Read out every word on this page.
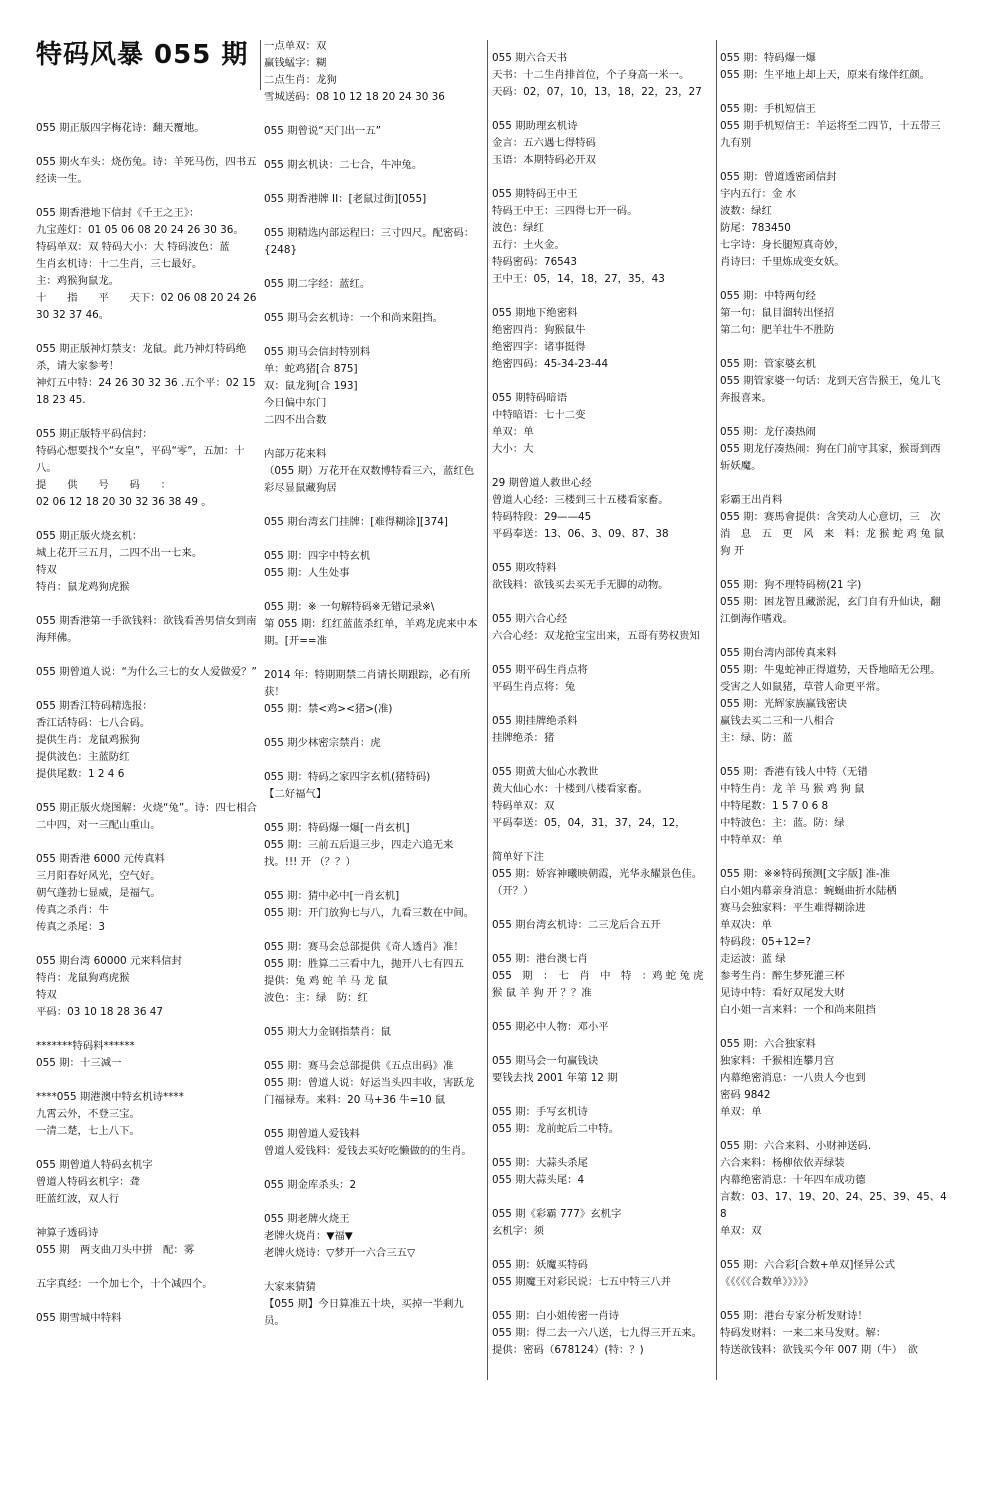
特码风暴 055 期
055 期正版四字梅花诗：翻天覆地。
055 期火车头：烧伤兔。诗：羊死马伤，四书五经读一生。
055 期香港地下信封《千王之王》：
九宝莲灯：01 05 06 08 20 24 26 30 36。
特码单双：双 特码大小：大 特码波色：蓝
生肖玄机诗：十二生肖，三七最好。
主：鸡猴狗鼠龙。
十　　指　　平　　天下：02 06 08 20 24 26 30 32 37 46。
055 期正版神灯禁支：龙鼠。此乃神灯特码绝杀，请大家参考！
神灯五中特：24 26 30 32 36 .五个平：02 15 18 23 45.
055 期正版特平码信封：
特码心想要找个“女皇”，平码“零”，五加：十八。
提　　供　　号　　码　　：
02 06 12 18 20 30 32 36 38 49 。
055 期正版火烧玄机：
城上花开三五月，二四不出一七来。
特双
特肖：鼠龙鸡狗虎猴
055 期香港第一手欲钱料：欲钱看善男信女到南海拜佛。
055 期曾道人说：“为什么三七的女人爱做爱？”
055 期香江特码精选报：
香江话特码：七八合码。
提供生肖：龙鼠鸡猴狗
提供波色：主蓝防红
提供尾数：1 2 4 6
055 期正版火烧图解：火烧“兔”。诗：四七相合二中四，对一三配山重山。
055 期香港 6000 元传真料
三月阳春好风光，空气好。
朝气蓬勃七显威，是福气。
传真之杀肖：牛
传真之杀尾：3
055 期台湾 60000 元来料信封
特肖：龙鼠狗鸡虎猴
特双
平码：03 10 18 28 36 47
*******特码料******
055 期：十三减一
****055 期港澳中特玄机诗****
九霄云外，不登三宝。
一清二楚，七上八下。
055 期曾道人特码玄机字
曾道人特码玄机字：聋
旺蓝红波，双人行
神算子透码诗
055 期　两支曲刀头中拼　配：雾
五字真经：一个加七个，十个减四个。
055 期雪城中特料
一点单双：双
赢钱蜢字：糊
二点生肖：龙狗
雪城送码：08 10 12 18 20 24 30 36
055 期曾说“天门出一五”
055 期玄机诀：二七合，牛冲兔。
055 期香港牌 II：[老鼠过街][055]
055 期精选内部运程曰：三寸四尺。配密码：{248}
055 期二字经：蓝红。
055 期马会玄机诗：一个和尚来阻挡。
055 期马会信封特别料
单：蛇鸡猪[合 875]
双：鼠龙狗[合 193]
今日偏中东门
二四不出合数
内部万花来料
（055 期）万花开在双数博特看三六，蓝红色彩尽显鼠藏狗居
055 期台湾玄门挂牌：[难得糊涂][374]
055 期：四字中特玄机
055 期：人生处事
055 期：※ 一句解特码※无错记录※\
第 055 期：红红蓝蓝杀红单，羊鸡龙虎来中本期。[开==准
2014 年：特期期禁二肖请长期跟踪，必有所获！
055 期：禁<鸡><猪>(准)
055 期少林密宗禁肖：虎
055 期：特码之家四字玄机(猪特码)
【二好福气】
055 期：特码爆一爆[一肖玄机]
055 期：三前五后退三步，四走六追无来找。!!! 开 （？？）
055 期：猜中必中[一肖玄机]
055 期：开门放狗七与八，九看三数在中间。
055 期：赛马会总部提供《奇人透肖》准！
055 期：胜算二三看中九，抛开八七有四五
提供：兔 鸡 蛇 羊 马 龙 鼠
波色：主：绿　防：红
055 期大力金钢指禁肖：鼠
055 期：赛马会总部提供《五点出码》准
055 期：曾道人说：好运当头四丰收，害跃龙门福禄寿。来料：20 马+36 牛=10 鼠
055 期曾道人爱钱料
曾道人爱钱料：爱钱去买好吃懒做的的生肖。
055 期金库杀头：2
055 期老牌火烧王
老牌火烧肖：▼福▼
老牌火烧诗：▽梦开一六合三五▽
大家来猜猜
【055 期】今日算准五十块，买掉一半剩九员。
055 期六合天书
天书：十二生肖排首位，个子身高一米一。
天码：02，07，10，13，18，22，23，27
055 期助理玄机诗
金言：五六遇七得特码
玉语：本期特码必开双
055 期特码王中王
特码王中王：三四得七开一码。
波色：绿红
五行：土火金。
特码密码：76543
王中王：05，14，18，27，35，43
055 期地下绝密料
绝密四肖：狗猴鼠牛
绝密四字：诸事挺得
绝密四码：45-34-23-44
055 期特码暗语
中特暗语：七十二变
单双：单
大小：大
29 期曾道人救世心经
曾道人心经：三楼到三十五楼看家畜。
特码特段：29——45
平码奉送：13、06、3、09、87、38
055 期攻特料
欲钱料：欲钱买去买无手无脚的动物。
055 期六合心经
六合心经：双龙抢宝宝出来，五哥有势权贵知
055 期平码生肖点将
平码生肖点将：兔
055 期挂牌绝杀料
挂牌绝杀：猪
055 期黄大仙心水教世
黄大仙心水：十楼到八楼看家畜。
特码单双：双
平码奉送：05，04，31，37，24，12，
简单好下注
055 期：娇容神曦映朝霞，光华永耀景色佳。（开？）
055 期台湾玄机诗：二三龙后合五开
055 期：港台澳七肖
055　期　：　七　肖　中　特　：鸡 蛇 兔 虎 猴 鼠 羊 狗 开 ？？准
055 期必中人物：邓小平
055 期马会一句赢钱诀
要钱去找 2001 年第 12 期
055 期：手写玄机诗
055 期：龙前蛇后二中特。
055 期：大蒜头杀尾
055 期大蒜头尾：4
055 期《彩霸 777》玄机字
玄机字：须
055 期：妖魔买特码
055 期魔王对彩民说：七五中特三八并
055 期：白小姐传密一肖诗
055 期：得二去一六八送，七九得三开五来。
提供：密码（678124）(特：？)
055 期：特码爆一爆
055 期：生平地上却上天，原来有缘伴红颜。
055 期：手机短信王
055 期手机短信王：羊运将至二四节，十五带三九有别
055 期：曾道透密函信封
宇内五行：金 水
波数：绿红
防尾：783450
七字诗：身长腿短真奇妙，
肖诗曰：千里炼成变女妖。
055 期：中特两句经
第一句：鼠目溜转出怪招
第二句：肥羊壮牛不胜防
055 期：管家婆玄机
055 期管家婆一句话：龙到天宫告猴王，兔儿飞奔报喜来。
055 期：龙仔凑热闹
055 期龙仔凑热闹：狗在门前守其家，猴哥到西斩妖魔。
彩霸王出肖料
055 期：赛馬會提供：含笑动人心意切，三　次　消　息　五　更　风　来　料：龙 猴 蛇 鸡 兔 鼠 狗 开
055 期：狗不理特码榜(21 字)
055 期：困龙智且藏淤泥，玄门自有升仙诀，翻江倒海作嗜戏。
055 期台湾内部传真来料
055 期：牛鬼蛇神正得道势，天昏地暗无公理。受害之人如鼠猪，草菅人命更平常。
055 期：光辉家族赢钱密诀
赢钱去买二三和一八相合
主：绿、防：蓝
055 期：香港有钱人中特（无错
中特生肖：龙 羊 马 猴 鸡 狗 鼠
中特尾数：1 5 7 0 6 8
中特波色：主：蓝。防：绿
中特单双：单
055 期：※※特码预测[文字版] 准-准
白小姐内幕亲身消息：蜿蜒曲折水陆栖
赛马会独家料：平生难得糊涂进
单双决：单
特码段：05+12=?
走运波：蓝 绿
参考生肖：醉生梦死灌三杯
见诗中特：看好双尾发大财
白小姐一言来料：一个和尚来阻挡
055 期：六合独家料
独家料：千猴相连攀月宫
内幕绝密消息：一八贵人今也到
密码 9842
单双：单
055 期：六合来料、小财神送码.
六合来料：杨柳依依弄绿装
内幕绝密消息：十年四车成功德
言数：03、17、19、20、24、25、39、45、48
单双：双
055 期：六合彩[合数+单双]怪异公式
《《《《《合数单》》》》》
055 期：港台专家分析发财诗！
特码发财料：一来二来马发财。解：
特送欲钱料：欲钱买今年 007 期（牛）　欲
